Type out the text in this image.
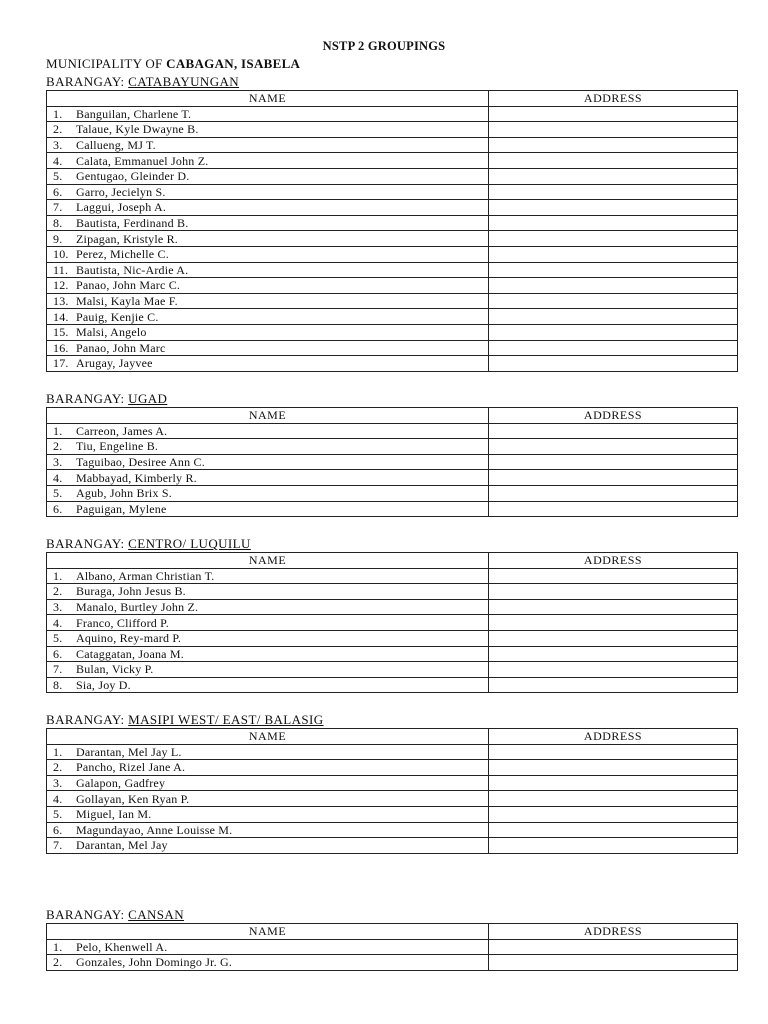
NSTP 2 GROUPINGS
MUNICIPALITY OF CABAGAN, ISABELA
BARANGAY: CATABAYUNGAN
NAME	ADDRESS
1. Banguilan, Charlene T.	
2. Talaue, Kyle Dwayne B.	
3. Callueng, MJ T.	
4. Calata, Emmanuel John Z.	
5. Gentugao, Gleinder D.	
6. Garro, Jecielyn S.	
7. Laggui, Joseph A.	
8. Bautista, Ferdinand B.	
9. Zipagan, Kristyle R.	
10. Perez, Michelle C.	
11. Bautista, Nic-Ardie A.	
12. Panao, John Marc C.	
13. Malsi, Kayla Mae F.	
14. Pauig, Kenjie C.	
15. Malsi, Angelo	
16. Panao, John Marc	
17. Arugay, Jayvee	
BARANGAY: UGAD
NAME	ADDRESS
1. Carreon, James A.	
2. Tiu, Engeline B.	
3. Taguibao, Desiree Ann C.	
4. Mabbayad, Kimberly R.	
5. Agub, John Brix S.	
6. Paguigan, Mylene	
BARANGAY: CENTRO/ LUQUILU
NAME	ADDRESS
1. Albano, Arman Christian T.	
2. Buraga, John Jesus B.	
3. Manalo, Burtley John Z.	
4. Franco, Clifford P.	
5. Aquino, Rey-mard P.	
6. Cataggatan, Joana M.	
7. Bulan, Vicky P.	
8. Sia, Joy D.	
BARANGAY: MASIPI WEST/ EAST/ BALASIG
NAME	ADDRESS
1. Darantan, Mel Jay L.	
2. Pancho, Rizel Jane A.	
3. Galapon, Gadfrey	
4. Gollayan, Ken Ryan P.	
5. Miguel, Ian M.	
6. Magundayao, Anne Louisse M.	
7. Darantan, Mel Jay	
BARANGAY: CANSAN
NAME	ADDRESS
1. Pelo, Khenwell A.	
2. Gonzales, John Domingo Jr. G.	
